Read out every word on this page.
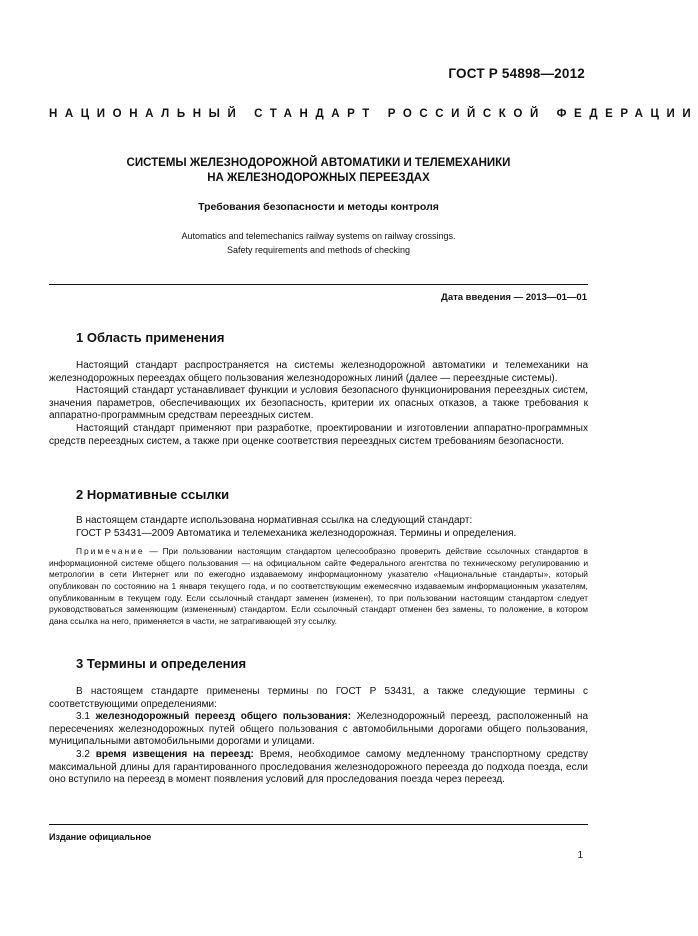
ГОСТ Р 54898—2012
НАЦИОНАЛЬНЫЙ СТАНДАРТ РОССИЙСКОЙ ФЕДЕРАЦИИ
СИСТЕМЫ ЖЕЛЕЗНОДОРОЖНОЙ АВТОМАТИКИ И ТЕЛЕМЕХАНИКИ
НА ЖЕЛЕЗНОДОРОЖНЫХ ПЕРЕЕЗДАХ
Требования безопасности и методы контроля
Automatics and telemechanics railway systems on railway crossings.
Safety requirements and methods of checking
Дата введения — 2013—01—01
1 Область применения

Настоящий стандарт распространяется на системы железнодорожной автоматики и телемеханики на железнодорожных переездах общего пользования железнодорожных линий (далее — переездные системы).

Настоящий стандарт устанавливает функции и условия безопасного функционирования переездных систем, значения параметров, обеспечивающих их безопасность, критерии их опасных отказов, а также требования к аппаратно-программным средствам переездных систем.

Настоящий стандарт применяют при разработке, проектировании и изготовлении аппаратно-программных средств переездных систем, а также при оценке соответствия переездных систем требованиям безопасности.

2 Нормативные ссылки

В настоящем стандарте использована нормативная ссылка на следующий стандарт:

ГОСТ Р 53431—2009 Автоматика и телемеханика железнодорожная. Термины и определения.

Примечание — При пользовании настоящим стандартом целесообразно проверить действие ссылочных стандартов в информационной системе общего пользования — на официальном сайте Федерального агентства по техническому регулированию и метрологии в сети Интернет или по ежегодно издаваемому информационному указателю «Национальные стандарты», который опубликован по состоянию на 1 января текущего года, и по соответствующим ежемесячно издаваемым информационным указателям, опубликованным в текущем году. Если ссылочный стандарт заменен (изменен), то при пользовании настоящим стандартом следует руководствоваться заменяющим (измененным) стандартом. Если ссылочный стандарт отменен без замены, то положение, в котором дана ссылка на него, применяется в части, не затрагивающей эту ссылку.

3 Термины и определения

В настоящем стандарте применены термины по ГОСТ Р 53431, а также следующие термины с соответствующими определениями:

3.1 железнодорожный переезд общего пользования: Железнодорожный переезд, расположенный на пересечениях железнодорожных путей общего пользования с автомобильными дорогами общего пользования, муниципальными автомобильными дорогами и улицами.

3.2 время извещения на переезд: Время, необходимое самому медленному транспортному средству максимальной длины для гарантированного проследования железнодорожного переезда до подхода поезда, если оно вступило на переезд в момент появления условий для проследования поезда через переезд.

Издание официальное
1
